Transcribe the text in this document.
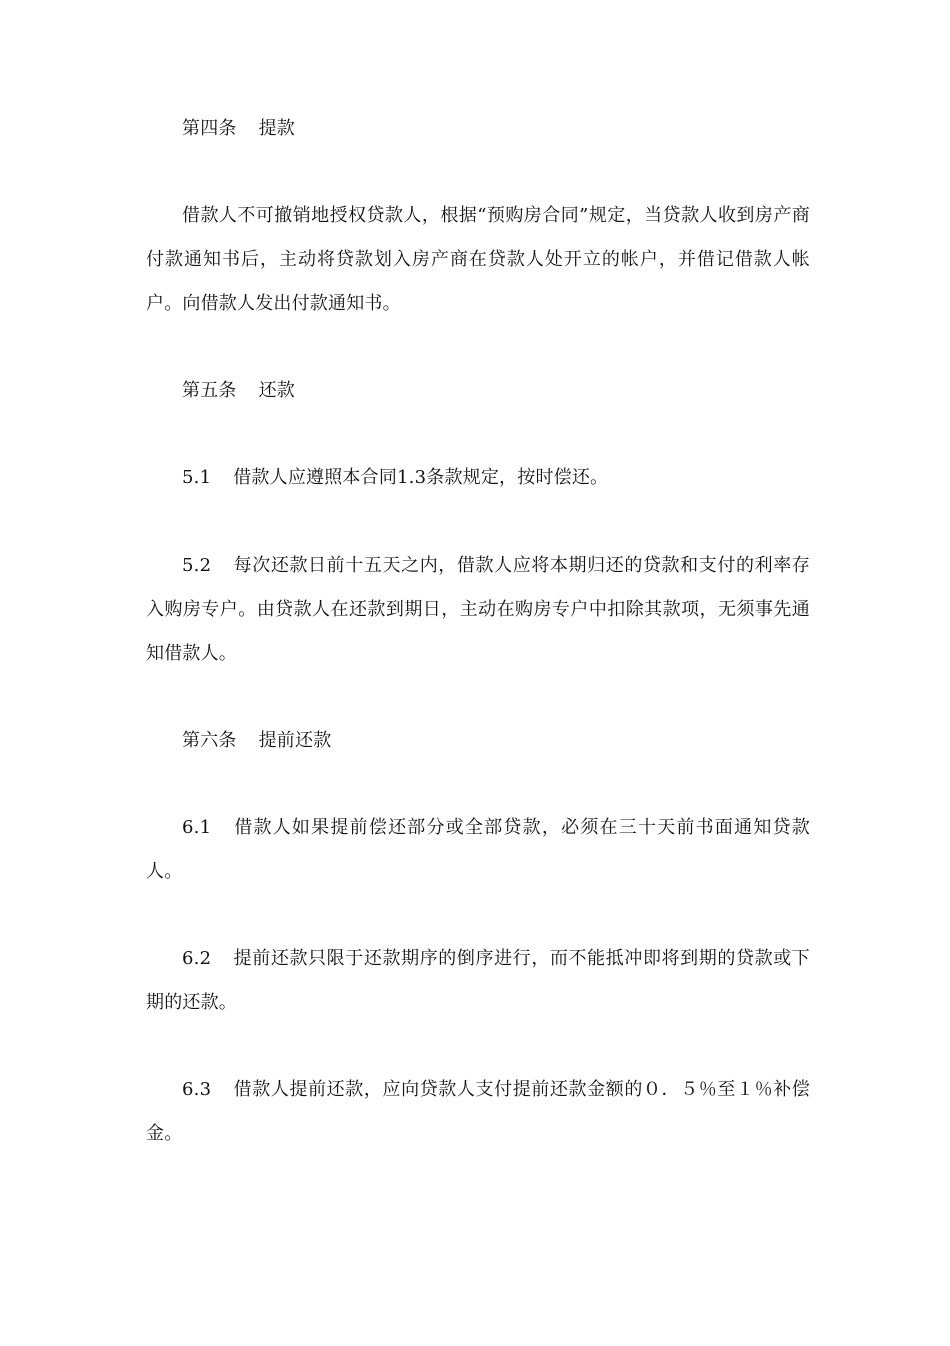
第四条 提款

借款人不可撤销地授权贷款人，根据“预购房合同”规定，当贷款人收到房产商付款通知书后，主动将贷款划入房产商在贷款人处开立的帐户，并借记借款人帐户。向借款人发出付款通知书。

第五条 还款

5.1 借款人应遵照本合同1.3条款规定，按时偿还。

5.2 每次还款日前十五天之内，借款人应将本期归还的贷款和支付的利率存入购房专户。由贷款人在还款到期日，主动在购房专户中扣除其款项，无须事先通知借款人。

第六条 提前还款

6.1 借款人如果提前偿还部分或全部贷款，必须在三十天前书面通知贷款人。

6.2 提前还款只限于还款期序的倒序进行，而不能抵冲即将到期的贷款或下期的还款。

6.3 借款人提前还款，应向贷款人支付提前还款金额的０．５％至１％补偿金。
